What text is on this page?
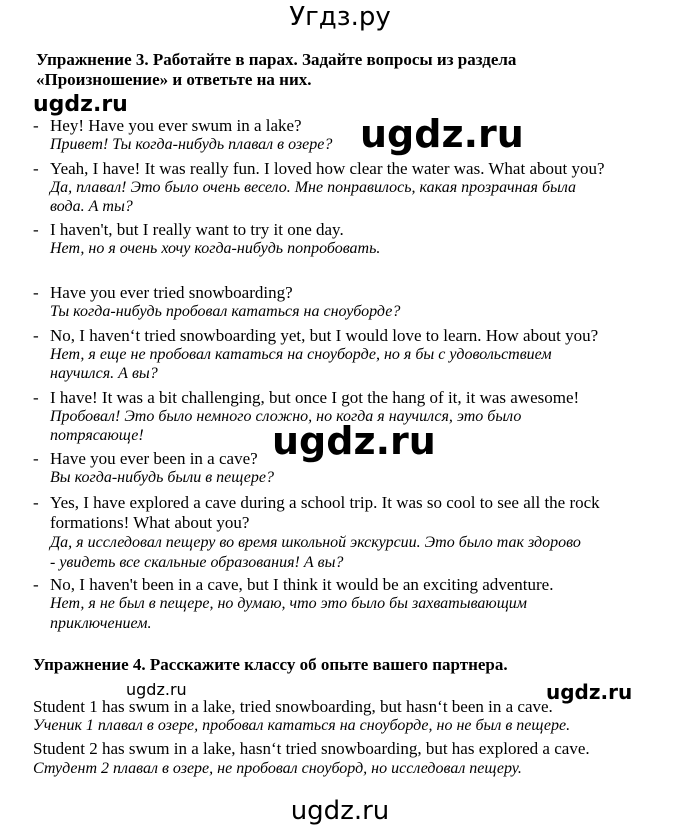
Угдз.ру
Упражнение 3. Работайте в парах. Задайте вопросы из раздела
«Произношение» и ответьте на них.
ugdz.ru
ugdz.ru
ugdz.ru
ugdz.ru	ugdz.ru
- Hey! Have you ever swum in a lake?
Привет! Ты когда-нибудь плавал в озере?
- Yeah, I have! It was really fun. I loved how clear the water was. What about you?
Да, плавал! Это было очень весело. Мне понравилось, какая прозрачная была
вода. А ты?
- I haven't, but I really want to try it one day.
Нет, но я очень хочу когда-нибудь попробовать.
- Have you ever tried snowboarding?
Ты когда-нибудь пробовал кататься на сноуборде?
- No, I haven‘t tried snowboarding yet, but I would love to learn. How about you?
Нет, я еще не пробовал кататься на сноуборде, но я бы с удовольствием
научился. А вы?
- I have! It was a bit challenging, but once I got the hang of it, it was awesome!
Пробовал! Это было немного сложно, но когда я научился, это было
потрясающе!
- Have you ever been in a cave?
Вы когда-нибудь были в пещере?
- Yes, I have explored a cave during a school trip. It was so cool to see all the rock
formations! What about you?
Да, я исследовал пещеру во время школьной экскурсии. Это было так здорово
- увидеть все скальные образования! А вы?
- No, I haven't been in a cave, but I think it would be an exciting adventure.
Нет, я не был в пещере, но думаю, что это было бы захватывающим
приключением.
Упражнение 4. Расскажите классу об опыте вашего партнера.
Student 1 has swum in a lake, tried snowboarding, but hasn‘t been in a cave.
Ученик 1 плавал в озере, пробовал кататься на сноуборде, но не был в пещере.
Student 2 has swum in a lake, hasn‘t tried snowboarding, but has explored a cave.
Студент 2 плавал в озере, не пробовал сноуборд, но исследовал пещеру.
ugdz.ru
